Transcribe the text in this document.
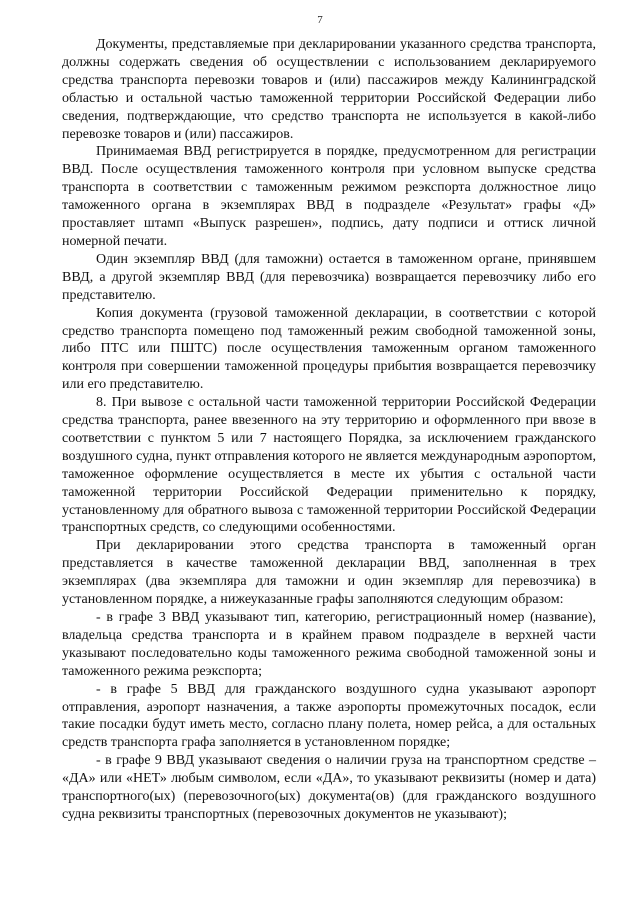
7

Документы, представляемые при декларировании указанного средства транспорта, должны содержать сведения об осуществлении с использованием декларируемого средства транспорта перевозки товаров и (или) пассажиров между Калининградской областью и остальной частью таможенной территории Российской Федерации либо сведения, подтверждающие, что средство транспорта не используется в какой-либо перевозке товаров и (или) пассажиров.

Принимаемая ВВД регистрируется в порядке, предусмотренном для регистрации ВВД. После осуществления таможенного контроля при условном выпуске средства транспорта в соответствии с таможенным режимом реэкспорта должностное лицо таможенного органа в экземплярах ВВД в подразделе «Результат» графы «Д» проставляет штамп «Выпуск разрешен», подпись, дату подписи и оттиск личной номерной печати.

Один экземпляр ВВД (для таможни) остается в таможенном органе, принявшем ВВД, а другой экземпляр ВВД (для перевозчика) возвращается перевозчику либо его представителю.

Копия документа (грузовой таможенной декларации, в соответствии с которой средство транспорта помещено под таможенный режим свободной таможенной зоны, либо ПТС или ПШТС) после осуществления таможенным органом таможенного контроля при совершении таможенной процедуры прибытия возвращается перевозчику или его представителю.

8. При вывозе с остальной части таможенной территории Российской Федерации средства транспорта, ранее ввезенного на эту территорию и оформленного при ввозе в соответствии с пунктом 5 или 7 настоящего Порядка, за исключением гражданского воздушного судна, пункт отправления которого не является международным аэропортом, таможенное оформление осуществляется в месте их убытия с остальной части таможенной территории Российской Федерации применительно к порядку, установленному для обратного вывоза с таможенной территории Российской Федерации транспортных средств, со следующими особенностями.

При декларировании этого средства транспорта в таможенный орган представляется в качестве таможенной декларации ВВД, заполненная в трех экземплярах (два экземпляра для таможни и один экземпляр для перевозчика) в установленном порядке, а нижеуказанные графы заполняются следующим образом:

- в графе 3 ВВД указывают тип, категорию, регистрационный номер (название), владельца средства транспорта и в крайнем правом подразделе в верхней части указывают последовательно коды таможенного режима свободной таможенной зоны и таможенного режима реэкспорта;

- в графе 5 ВВД для гражданского воздушного судна указывают аэропорт отправления, аэропорт назначения, а также аэропорты промежуточных посадок, если такие посадки будут иметь место, согласно плану полета, номер рейса, а для остальных средств транспорта графа заполняется в установленном порядке;

- в графе 9 ВВД указывают сведения о наличии груза на транспортном средстве – «ДА» или «НЕТ» любым символом, если «ДА», то указывают реквизиты (номер и дата) транспортного(ых) (перевозочного(ых) документа(ов) (для гражданского воздушного судна реквизиты транспортных (перевозочных документов не указывают);
